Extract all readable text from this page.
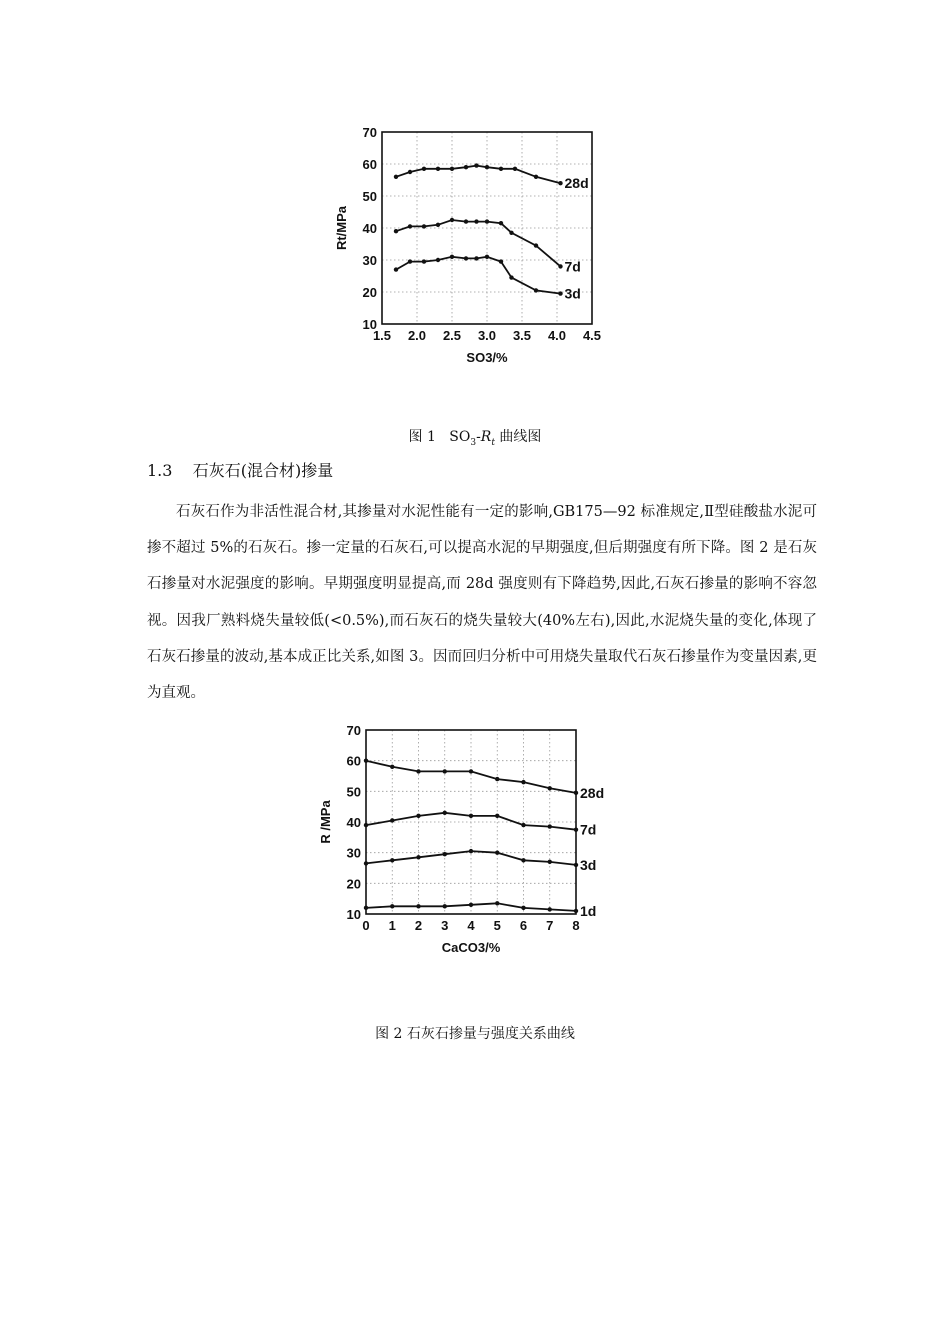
1.5 2.0 2.5 3.0 3.5 4.0 4.5
10
20
30
40
50
60
70
SO3/%
Rt/MPa
28d
7d
3d
图 1 $SO_3-R_t$ 曲线图
1.3 石灰石(混合材)掺量

石灰石作为非活性混合材,其掺量对水泥性能有一定的影响,GB175—92 标准规定,Ⅱ型硅酸盐水泥可掺不超过 5%的石灰石。掺一定量的石灰石,可以提高水泥的早期强度,但后期强度有所下降。图 2 是石灰石掺量对水泥强度的影响。早期强度明显提高,而 28d 强度则有下降趋势,因此,石灰石掺量的影响不容忽视。因我厂熟料烧失量较低(<0.5%),而石灰石的烧失量较大(40%左右),因此,水泥烧失量的变化,体现了石灰石掺量的波动,基本成正比关系,如图 3。因而回归分析中可用烧失量取代石灰石掺量作为变量因素,更为直观。

0 1 2 3 4 5 6 7 8
10
20
30
40
50
60
70
CaCO3/%
R /MPa
28d
7d
3d
1d
图 2 石灰石掺量与强度关系曲线
